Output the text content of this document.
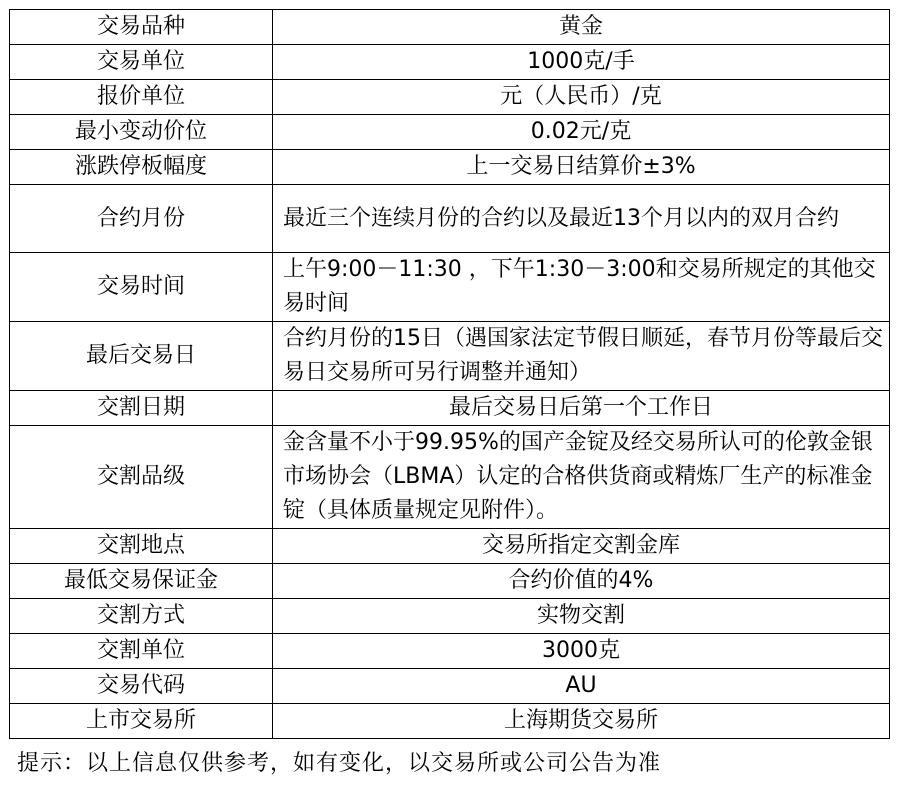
交易品种	黄金
交易单位	1000克/手
报价单位	元（人民币）/克
最小变动价位	0.02元/克
涨跌停板幅度	上一交易日结算价±3%
合约月份	最近三个连续月份的合约以及最近13个月以内的双月合约
交易时间	上午9:00－11:30 ，下午1:30－3:00和交易所规定的其他交易时间
最后交易日	合约月份的15日（遇国家法定节假日顺延，春节月份等最后交易日交易所可另行调整并通知）
交割日期	最后交易日后第一个工作日
交割品级	金含量不小于99.95%的国产金锭及经交易所认可的伦敦金银市场协会（LBMA）认定的合格供货商或精炼厂生产的标准金锭（具体质量规定见附件）。
交割地点	交易所指定交割金库
最低交易保证金	合约价值的4%
交割方式	实物交割
交割单位	3000克
交易代码	AU
上市交易所	上海期货交易所
提示：以上信息仅供参考，如有变化，以交易所或公司公告为准
